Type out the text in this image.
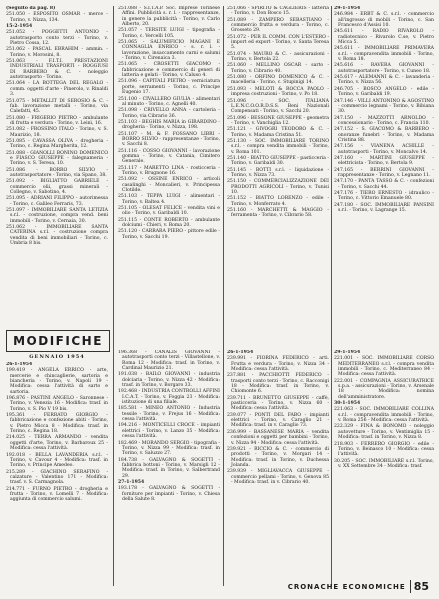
(Seguito da pag. 8)

251.050 - ESPOSITO OSMAR - merce - Torino, v. Nizza, 134.

15-2-1954

251.052 - POGGETTI ANTONIO - autotrasporto conto terzi - Torino, v. Pietro Cossa, 12.

251.062 - PASCAL EBRAHIM - ammin. - Torino, v. Morosini, 8.

251.063 - F.I.T.I. PRESTAZIONI INDUSTRIALI TRASPORTI - ROGGIUSI DI BARBERO & C. - noleggio autotrasporto - Torino.

251.064 - LA BOTTEGA DEL REGALO - comm. oggetti d'arte - Pinerolo, v. Rinaldi 3.

251.075 - METALLIT DI SEROSIO & C. - fab. lavorazione metalli - Torino, via Calefatti, 45.

251.080 - FRIGERIO PIETRO - ambulante di frutta e verdura - Torino, v. Leinì, 16.

251.082 - FROSSINO ITALO - Torino, v. S. Maurizio, 18.

251.085 - CAVASSA OLIVA - drogheria - Torino, c. Regina Margherita, 12.

251.088 - GIANOLLI BONINO DOMENICO e FIASCO GIUSEPPE - falegnameria - Torino, v. S. Teresa, 10.

251.086 - BORRO SILVIO - autotrasportatore - Torino, via Spano, 38.

251.092 - BIGLIATTO GABRIELE - commercio olii, grassi minerali - Collegno, v. Sabotino, 4.

251.095 - ADRIANI FILIPPO - autorimessa - Torino, c. Galileo Ferraris, 73.

251.097 - IMMOBILIARE SANTA LETIZIA s.r.l. - costruzione, compra vend. beni immobili - Torino, v. Cernaia, 30.

251.062 - IMMOBILIARE SANTA CATERINA s.r.l. - costruzione compra vendita di beni immobiliari - Torino, c. Umbria 8 bis.

251.088 - S.I.T.A.P. Soc. Imprese Torinese Affini. Pubblicità s. r. l. - rappresentanze, in genere la pubblicità - Torino, v. Carlo Alberto, 20.

251.057 - TERSITE LUIGI - tipografia - Torino, c. Vercelli 105.

251.065 - SALUMIFICIO MAGANI E CONNAGLIA ENRICO - s. r. l. - lavorazione, insaccamento carni e salumi - Torino, v. Cirenaica 3.

251.065 - CROSETTI GIACOMO - fabbricazione e commercio di generi di latteria e gelati - Torino, v. Caluso 4.

251.096 - CAPITALI PIETRO - verniciatura porte, serramenti - Torino, c. Principe Eugenio 17.

251.100 - CIVALLERO GIULIA - alimentari al minuto - Torino, c. Agnelli 40.

251.098 - CRIVELLO ANNA - cartoleria - Torino, via Cibrario 36.

251.103 - BEGHIS MARIA in GIRARDINO - drogheria - Torino, v. Nizza, 198.

251.107 - M. & F. FOSSANO LIBRI - BORRO SILVIO - rappresentanze - Torino, v. Sacchi 8.

251.116 - COSSO GIOVANNI - lavorazione gomma - Torino, v. Catania, Cimitero Generale.

251.117 - MARETTO LINA - rosticceria - Torino, v. Brugnone 16.

251.092 - OSSINE ENRICO - articoli casalinghi - Moncalieri, v. Principessa Clotilde.

251.103 - TEPPA LUIGI - alimentari - Torino, v. Baltea 4.

251.105 - OLESAT FELICE - vendita vini e olio - Torino, v. Garibaldi 10.

251.115 - CONTE ROBERTO - ambulante dolciumi - Chieri, v. Roma 20.

251.120 - CARRARA PIERO - pittore edile - Torino, v. Sacchi 19.

251.066 - SPIRITO & CAGLIERIS - latteria - Torino, v. Don Bosco 15.

251.089 - ZAMPERO SEBASTIANO - commercio frutta e verdura - Torino, c. Grosseto 29.

251.072 - PER IL COMM. CON L'ESTERO - import ed export - Torino, v. Santa Teresa 5.

251.074 - MAURO & C. - assicurazioni - Torino, v. Bertola 22.

251.060 - MELLINO OSCAR - sarto - Torino, v. Cibrario 40.

251.080 - ORFINO DOMENICO & C. - macelleria - Torino, c. Stupinigi 14.

251.093 - MELOTI & ROCCA PAOLO - impresa costruzioni - Torino, v. Po 18.

251.096 - SOC. ITALIANA L.E.N.C.O.O.R.D.S.S. Beni Nazionali Compensati - Torino, v. Sacchi 20.

251.096 - BESSONE GIUSEPPE - geometra - Torino, v. Vanchiglia 12.

251.121 - GIVOGRI TEODORO & C. - Torino, v. Madama Cristina 51.

251.130 - SOC. IMMOBILIARE TORINO s.r.l. - compra vendita immobili - Torino, v. Roma 101.

251.140 - BIATTO GIUSEPPE - pasticceria - Torino, v. Garibaldi 30.

251.145 - BOTTI s.r.l. - liquidazione - Torino, v. Nizza 73.

251.150 - COMMERCIALIZZAZIONE DEI PRODOTTI AGRICOLI - Torino, v. Tunisi 10.

251.152 - BIATTO LORENZO - edile - Torino, v. Monferrato 4.

251.160 - MARCHETTI & MAGGIO - ferramenta - Torino, v. Cibrario 58.

29-1-1954

246.984 - ERBT & C. s.r.l. - commercio all'ingrosso di mobili - Torino, c. San Francesco d'Assisi 10.

245.611 - RADIO RIVAROLO - radiotecnico - Rivarolo C.se, v. Pietro Micca 5.

245.611 - IMMOBILIARE PRIMAVERA s.r.l. - compravendita immobili - Torino, v. Roma 18.

245.616 - RAVERA GIOVANNI - autotrasportatore - Torino, v. Cuneo 18.

245.617 - ALEMANNI & C. - lavanderia - Torino, v. Nizza 56.

246.705 - BOSCO ANGELO - edile - Torino, v. Garibaldi 19.

247.146 - VILLI ANTONINO & AGOSTINO - commercio legnami - Torino, v. Bibiana 30.

247.150 - MAZZOTTI ARNOLDO - concessionario - Torino, c. Francia 110.

247.152 - S. GIACOMO & BARBERO - onoranze funebri - Torino, v. Madama Cristina 88.

247.156 - VIANENA ACHILLE - autotrasporti - Torino, v. Moncalvo 14.

247.160 - MARTINI GIUSEPPE - elettricista - Torino, v. Bertola 9.

247.165 - BERRINI GIOVANNI - rappresentanze - Torino, v. Legnano 11.

247.170 - PANTA TASSO & C. - confezioni - Torino, v. Sacchi 44.

247.176 - TIERO ERNESTO - idraulico - Torino, c. Vittorio Emanuele 80.

247.180 - SOC. IMMOBILIARE PANSINI s.r.l. - Torino, v. Lagrange 15.

MODIFICHE
GENNAIO 1954

26-1-1954

199.419 - ANGELA ERRICO - arte, mercerie e chincaglierie, sartoria e biancheria - Torino, v. Napoli 19 - Modifica: cessa l'attività di sarto e sartoria.

196.876 - PASTINI ANGELO - Saronnese - Torino, v. Venezia 16 - Modifica: trasf. in Torino, v. S. Pio V 19 bis.

195.361 - FERRATO GIORGIO - fabbricazione e confezione abiti - Torino, v. Pietro Micca 8 - Modifica: trasf. in Torino, c. Regina 18.

214.025 - TERRA ARMANDO - vendita oggetti d'arte, Torino, v. Barbaroux 25 - Modifica: cessa l'attività.

192.018 - BELLA LAVANDERIA s.r.l. - Torino, v. Cavour 4 - Modifica: trasf. in Torino, v. Principe Amedeo.

215.289 - GIACHINO SERAFINO - calzature - Valentino 171 - Modifica: trasf. v. S. Carmagnola.

214.771 - FURNO PIETRO - drogheria e frutta - Torino, v. Lomelli 7 - Modifica: aggiunta di commercio salumi.

196.368 - CANALIS GIOVANNI - autotrasporti conto terzi - Villastellone, v. Roma 12 - Modifica: trasf. in Torino, v. Cardinal Maurizio 21.

191.038 - BAILO GIOVANNI - industria dolciaria - Torino, v. Nizza 42 - Modifica: trasf. in Torino, v. Borgaro 33.

192.468 - INDUSTRIA CONTROLLI AFFINI I.C.A.T. - Torino, v. Foggia 23 - Modifica: istituzione di una filiale.

185.581 - MINEO ANTONIO - Industria tessile - Torino, v. Frejus 16 - Modifica: cessa l'attività.

194.216 - MONTICELLI CROCE - impianti elettrici - Torino, v. Lanzo 35 - Modifica: cessa l'attività.

182.469 - MORANDO SERGIO - tipografia - Torino, v. Nizza 99 - Modifica: trasf. in Torino, v. Saluzzo 27.

184.738 - GALVAGNO & SOGETTI - fabbrica bottoni - Torino, v. Marsigli 12 - Modifica: trasf. in Torino, v. Salbertrand 29.

27-1-1954

193.178 - GALVAGNO & SOGETTI - forniture per impianti - Torino, v. Chiesa della Salute 8.

26-1-1954

239.991 - FIORINA FEDERICO - arti. Frutta e verdura - Torino, v. Nizza 34 - Modifica: cessa l'attività.

237.881 - PACCHIOTTI FEDERICO - trasporti conto terzi - Torino, c. Racconigi 18 - Modifica: trasf. in Torino, v. Chiomonte 6.

239.711 - BRUNETTO GIUSEPPE - caffè, pasticceria - Torino, v. Nizza 60 - Modifica: cessa l'attività.

239.077 - PONTI DEL FABO - impianti elettrici - Torino, v. Caraglio 21 - Modifica: trasf. in v. Caraglio 73.

236.999 - BASSANESE MARIA - vendita confezioni e oggetti per bambini - Torino, v. Nizza 94 - Modifica: cessa l'attività.

239.921 - RICCIO & C. - commercio di prodotti - Torino, v. Morgari 14 - Modifica: trasf. in Torino, v. Duchessa Jolanda.

239.939 - MIGLIAVACCA GIUSEPPE - commercio pellami - Torino, v. Genova 85 - Modifica: trasf. in v. Cibrario 40.

29-1-1954

221.001 - SOC. IMMOBILIARE CORSO MEDITERRANEO s.r.l. - compra vendita immobili - Torino, c. Mediterraneo 84 - Modifica: cessa l'attività.

222.001 - COMPAGNIA ASSICURATRICE s.p.a. - assicurazioni - Torino, v. Arsenale 18 - Modifica: nomina dell'amministratore.

30-1-1954

221.063 - SOC. IMMOBILIARE COLLINA s.r.l. - compravendita immobili - Torino, v. Roma 256 - Modifica: cessa l'attività.

222.329 - FINA & BONOMO - noleggio autovetture - Torino, v. Ventimiglia 15 - Modifica: trasf. in Torino, v. Nizza 8.

218.903 - FERRERO GIORGIO - edile - Torino, v. Beinasco 10 - Modifica: cessa l'attività.

30.205 - SOC. IMMOBILIARE s.r.l. Torino, v. XX Settembre 34 - Modifica: trasf.

CRONACHE ECONOMICHE 85
